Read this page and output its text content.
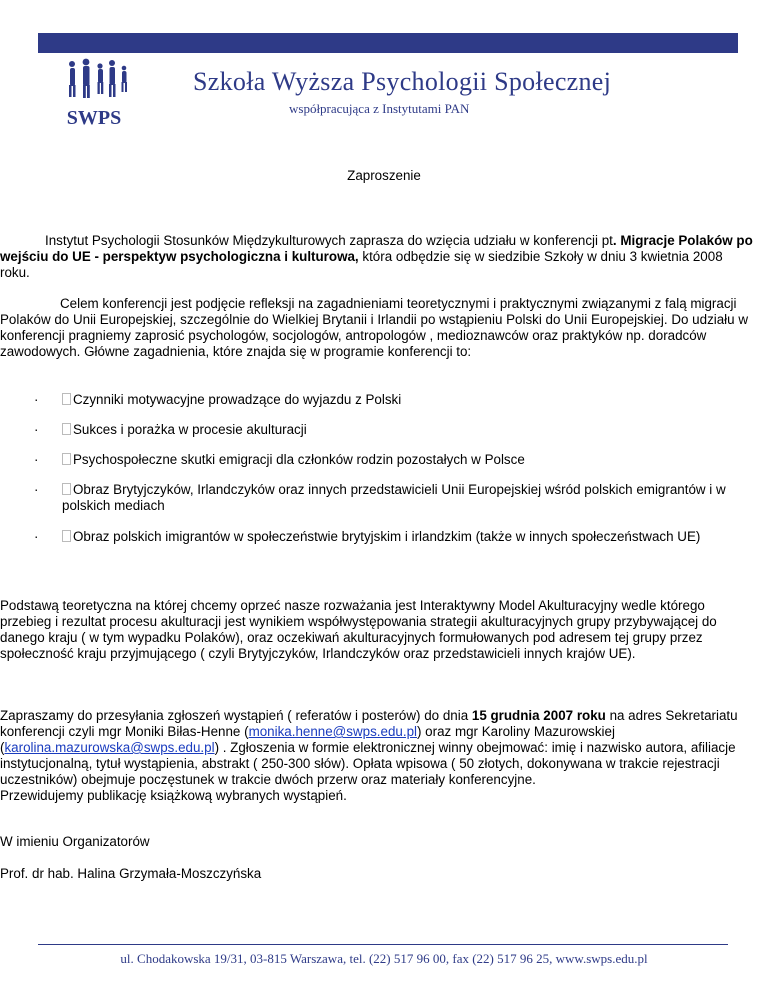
SWPS
Szkoła Wyższa Psychologii Społecznej
współpracująca z Instytutami PAN
Zaproszenie
Instytut Psychologii Stosunków Międzykulturowych zaprasza do wzięcia udziału w konferencji pt. Migracje Polaków po wejściu do UE - perspektyw psychologiczna i kulturowa, która odbędzie się w siedzibie Szkoły w dniu 3 kwietnia 2008 roku.
Celem konferencji jest podjęcie refleksji na zagadnieniami teoretycznymi i praktycznymi związanymi z falą migracji Polaków do Unii Europejskiej, szczególnie do Wielkiej Brytanii i Irlandii po wstąpieniu Polski do Unii Europejskiej. Do udziału w konferencji pragniemy zaprosić psychologów, socjologów, antropologów , medioznawców oraz praktyków np. doradców zawodowych. Główne zagadnienia, które znajda się w programie konferencji to:
·	Czynniki motywacyjne prowadzące do wyjazdu z Polski
·	Sukces i porażka w procesie akulturacji
·	Psychospołeczne skutki emigracji dla członków rodzin pozostałych w Polsce
·	Obraz Brytyjczyków, Irlandczyków oraz innych przedstawicieli Unii Europejskiej wśród polskich emigrantów i w polskich mediach
·	Obraz polskich imigrantów w społeczeństwie brytyjskim i irlandzkim (także w innych społeczeństwach UE)
Podstawą teoretyczna na której chcemy oprzeć nasze rozważania jest Interaktywny Model Akulturacyjny wedle którego przebieg i rezultat procesu akulturacji jest wynikiem współwystępowania strategii akulturacyjnych grupy przybywającej do danego kraju ( w tym wypadku Polaków), oraz oczekiwań akulturacyjnych formułowanych pod adresem tej grupy przez społeczność kraju przyjmującego ( czyli Brytyjczyków, Irlandczyków oraz przedstawicieli innych krajów UE).
Zapraszamy do przesyłania zgłoszeń wystąpień ( referatów i posterów) do dnia 15 grudnia 2007 roku na adres Sekretariatu konferencji czyli mgr Moniki Biłas-Henne (monika.henne@swps.edu.pl) oraz mgr Karoliny Mazurowskiej (karolina.mazurowska@swps.edu.pl) . Zgłoszenia w formie elektronicznej winny obejmować: imię i nazwisko autora, afiliacje instytucjonalną, tytuł wystąpienia, abstrakt ( 250-300 słów). Opłata wpisowa ( 50 złotych, dokonywana w trakcie rejestracji uczestników) obejmuje poczęstunek w trakcie dwóch przerw oraz materiały konferencyjne.
Przewidujemy publikację książkową wybranych wystąpień.
W imieniu Organizatorów
Prof. dr hab. Halina Grzymała-Moszczyńska
ul. Chodakowska 19/31, 03-815 Warszawa, tel. (22) 517 96 00, fax (22) 517 96 25, www.swps.edu.pl
